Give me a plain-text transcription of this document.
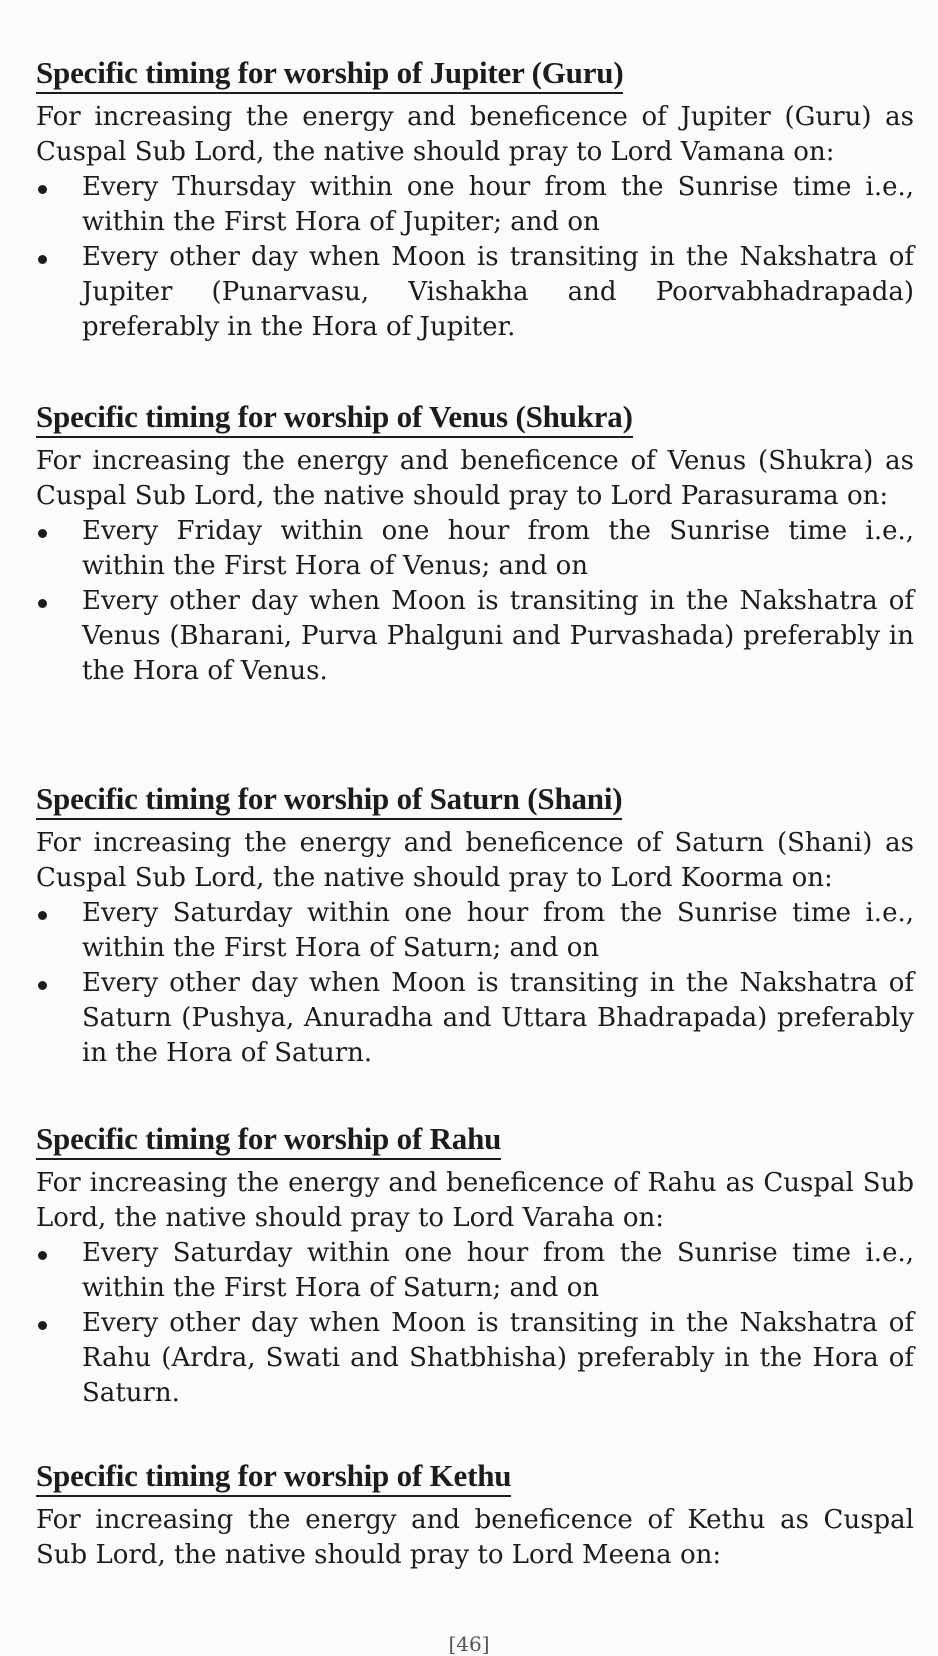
Specific timing for worship of Jupiter (Guru)

For increasing the energy and beneficence of Jupiter (Guru) as Cuspal Sub Lord, the native should pray to Lord Vamana on:

Every Thursday within one hour from the Sunrise time i.e., within the First Hora of Jupiter; and on
Every other day when Moon is transiting in the Nakshatra of Jupiter (Punarvasu, Vishakha and Poorvabhadrapada) preferably in the Hora of Jupiter.
Specific timing for worship of Venus (Shukra)

For increasing the energy and beneficence of Venus (Shukra) as Cuspal Sub Lord, the native should pray to Lord Parasurama on:

Every Friday within one hour from the Sunrise time i.e., within the First Hora of Venus; and on
Every other day when Moon is transiting in the Nakshatra of Venus (Bharani, Purva Phalguni and Purvashada) preferably in the Hora of Venus.
Specific timing for worship of Saturn (Shani)

For increasing the energy and beneficence of Saturn (Shani) as Cuspal Sub Lord, the native should pray to Lord Koorma on:

Every Saturday within one hour from the Sunrise time i.e., within the First Hora of Saturn; and on
Every other day when Moon is transiting in the Nakshatra of Saturn (Pushya, Anuradha and Uttara Bhadrapada) preferably in the Hora of Saturn.
Specific timing for worship of Rahu

For increasing the energy and beneficence of Rahu as Cuspal Sub Lord, the native should pray to Lord Varaha on:

Every Saturday within one hour from the Sunrise time i.e., within the First Hora of Saturn; and on
Every other day when Moon is transiting in the Nakshatra of Rahu (Ardra, Swati and Shatbhisha) preferably in the Hora of Saturn.
Specific timing for worship of Kethu

For increasing the energy and beneficence of Kethu as Cuspal Sub Lord, the native should pray to Lord Meena on:

[46]
